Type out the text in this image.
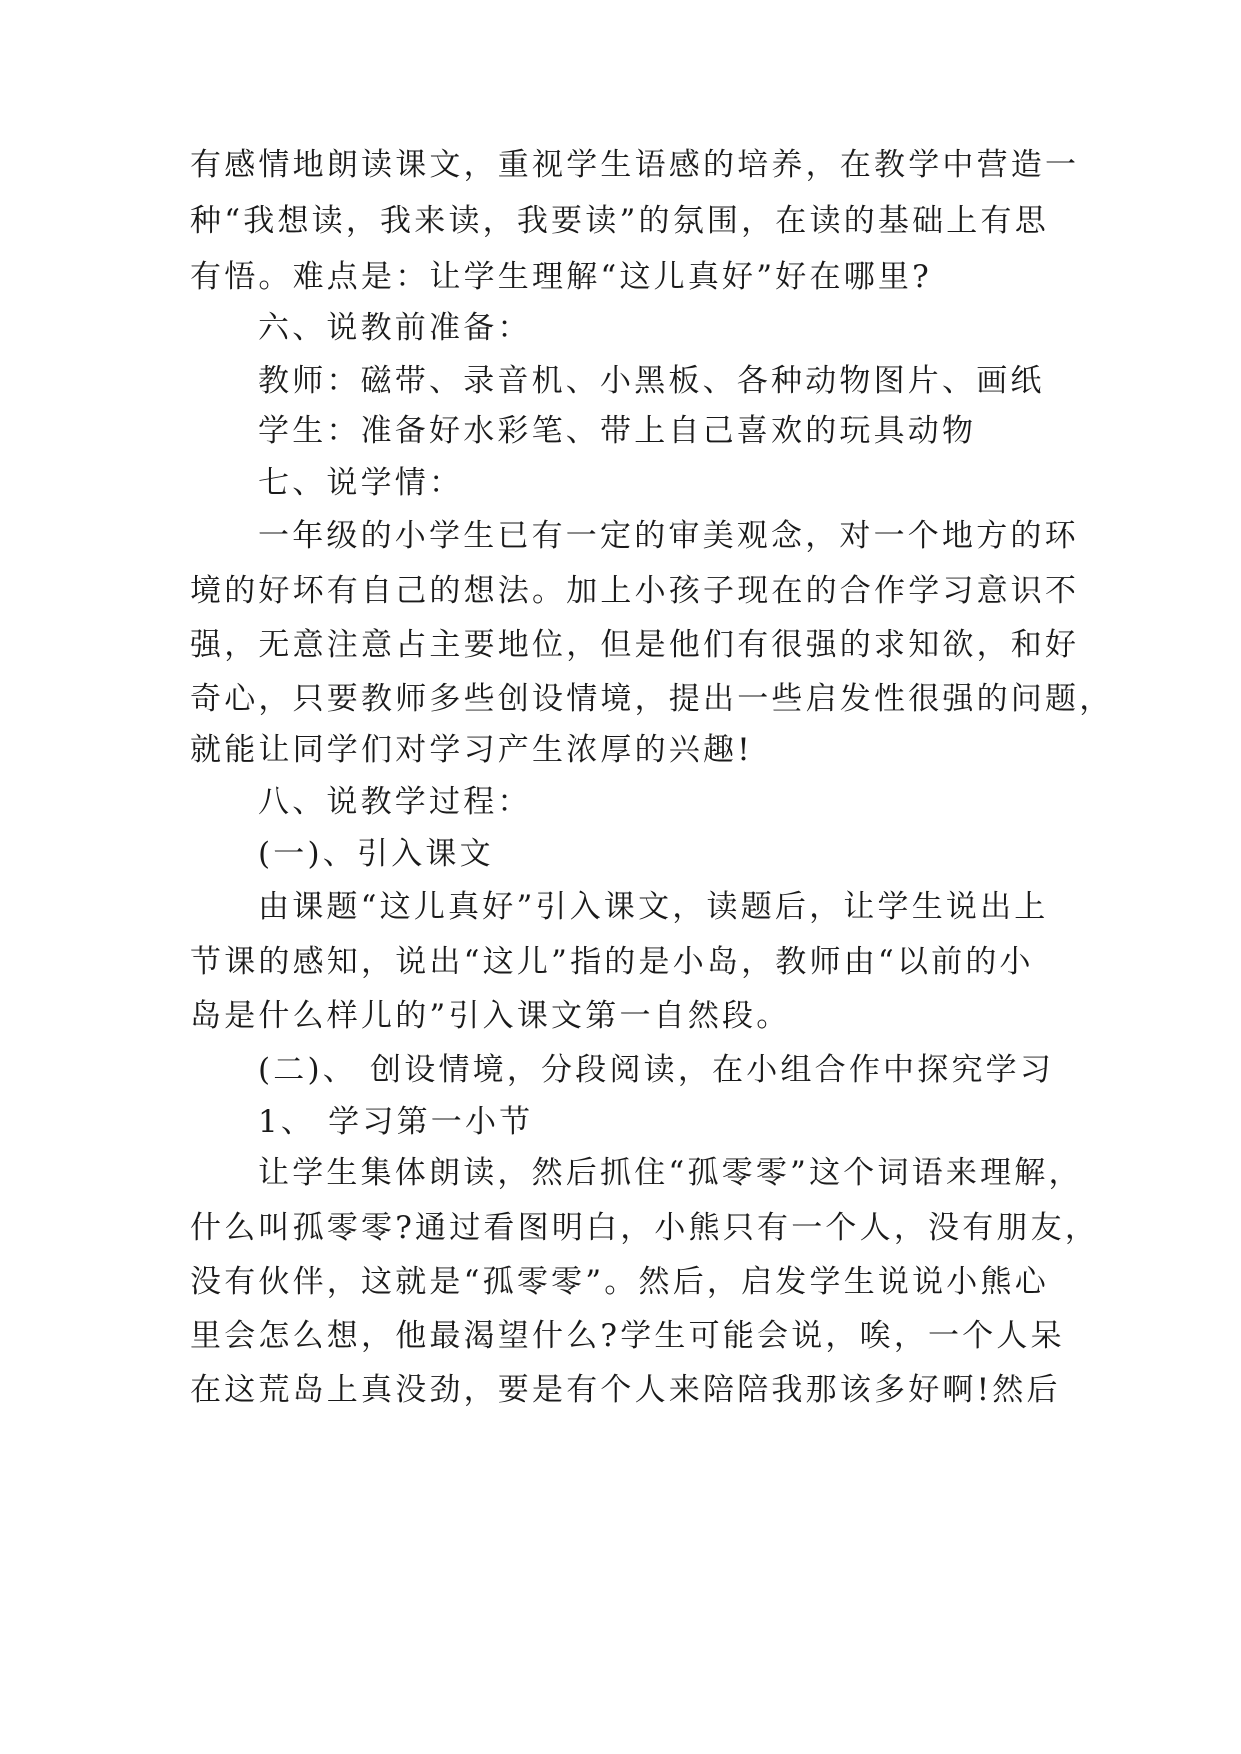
有感情地朗读课文，重视学生语感的培养，在教学中营造一
种“我想读，我来读，我要读”的氛围，在读的基础上有思
有悟。难点是：让学生理解“这儿真好”好在哪里?
六、说教前准备：
教师：磁带、录音机、小黑板、各种动物图片、画纸
学生：准备好水彩笔、带上自己喜欢的玩具动物
七、说学情：
一年级的小学生已有一定的审美观念，对一个地方的环
境的好坏有自己的想法。加上小孩子现在的合作学习意识不
强，无意注意占主要地位，但是他们有很强的求知欲，和好
奇心，只要教师多些创设情境，提出一些启发性很强的问题，
就能让同学们对学习产生浓厚的兴趣!
八、说教学过程：
(一)、引入课文
由课题“这儿真好”引入课文，读题后，让学生说出上
节课的感知，说出“这儿”指的是小岛，教师由“以前的小
岛是什么样儿的”引入课文第一自然段。
(二)、 创设情境，分段阅读，在小组合作中探究学习
1、 学习第一小节
让学生集体朗读，然后抓住“孤零零”这个词语来理解，
什么叫孤零零?通过看图明白，小熊只有一个人，没有朋友，
没有伙伴，这就是“孤零零”。然后，启发学生说说小熊心
里会怎么想，他最渴望什么?学生可能会说，唉，一个人呆
在这荒岛上真没劲，要是有个人来陪陪我那该多好啊!然后
